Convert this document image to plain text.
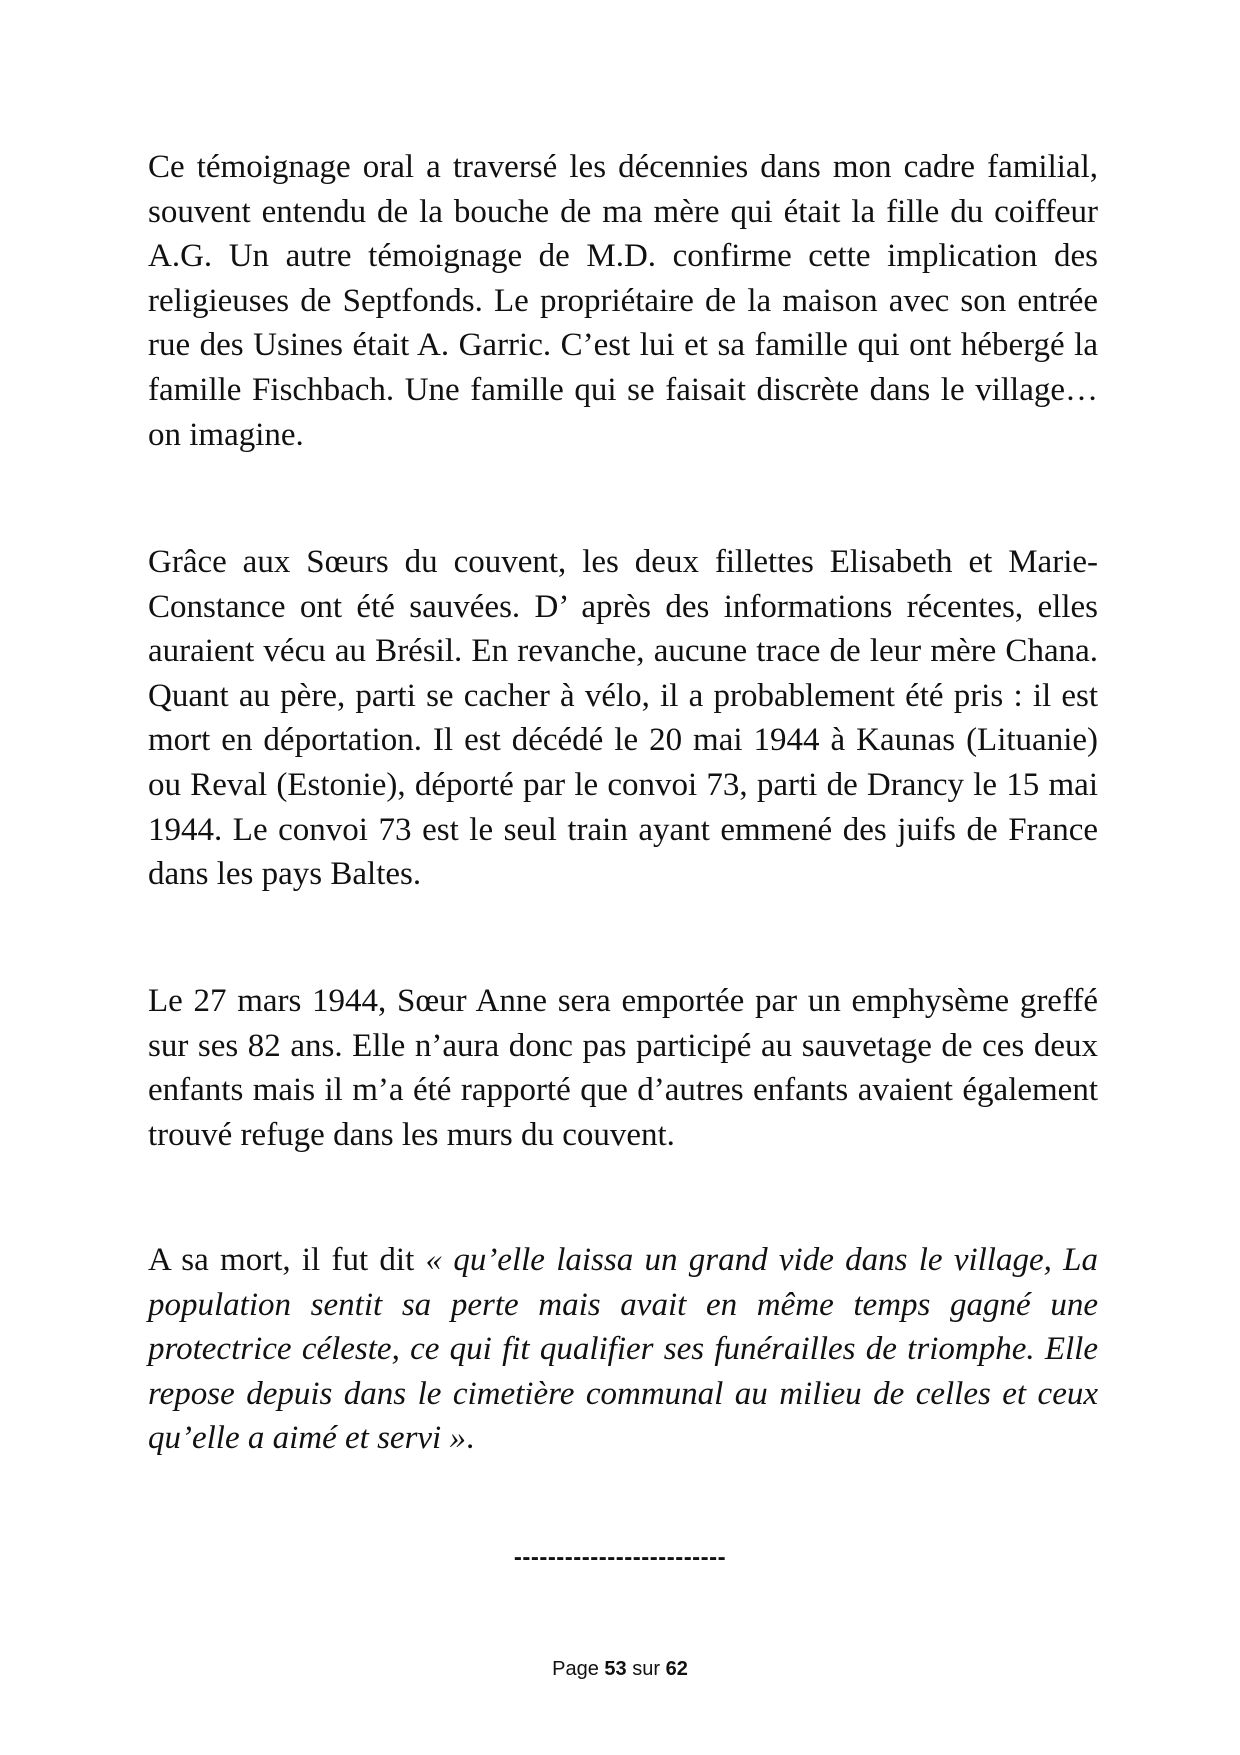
Ce témoignage oral a traversé les décennies dans mon cadre familial, souvent entendu de la bouche de ma mère qui était la fille du coiffeur A.G. Un autre témoignage de M.D. confirme cette implication des religieuses de Septfonds. Le propriétaire de la maison avec son entrée rue des Usines était A. Garric. C’est lui et sa famille qui ont hébergé la famille Fischbach. Une famille qui se faisait discrète dans le village… on imagine.

Grâce aux Sœurs du couvent, les deux fillettes Elisabeth et Marie-Constance ont été sauvées. D’ après des informations récentes, elles auraient vécu au Brésil. En revanche, aucune trace de leur mère Chana. Quant au père, parti se cacher à vélo, il a probablement été pris : il est mort en déportation. Il est décédé le 20 mai 1944 à Kaunas (Lituanie) ou Reval (Estonie), déporté par le convoi 73, parti de Drancy le 15 mai 1944. Le convoi 73 est le seul train ayant emmené des juifs de France dans les pays Baltes.

Le 27 mars 1944, Sœur Anne sera emportée par un emphysème greffé sur ses 82 ans. Elle n’aura donc pas participé au sauvetage de ces deux enfants mais il m’a été rapporté que d’autres enfants avaient également trouvé refuge dans les murs du couvent.

A sa mort, il fut dit « qu’elle laissa un grand vide dans le village, La population sentit sa perte mais avait en même temps gagné une protectrice céleste, ce qui fit qualifier ses funérailles de triomphe. Elle repose depuis dans le cimetière communal au milieu de celles et ceux qu’elle a aimé et servi ».

-------------------------

Page 53 sur 62
